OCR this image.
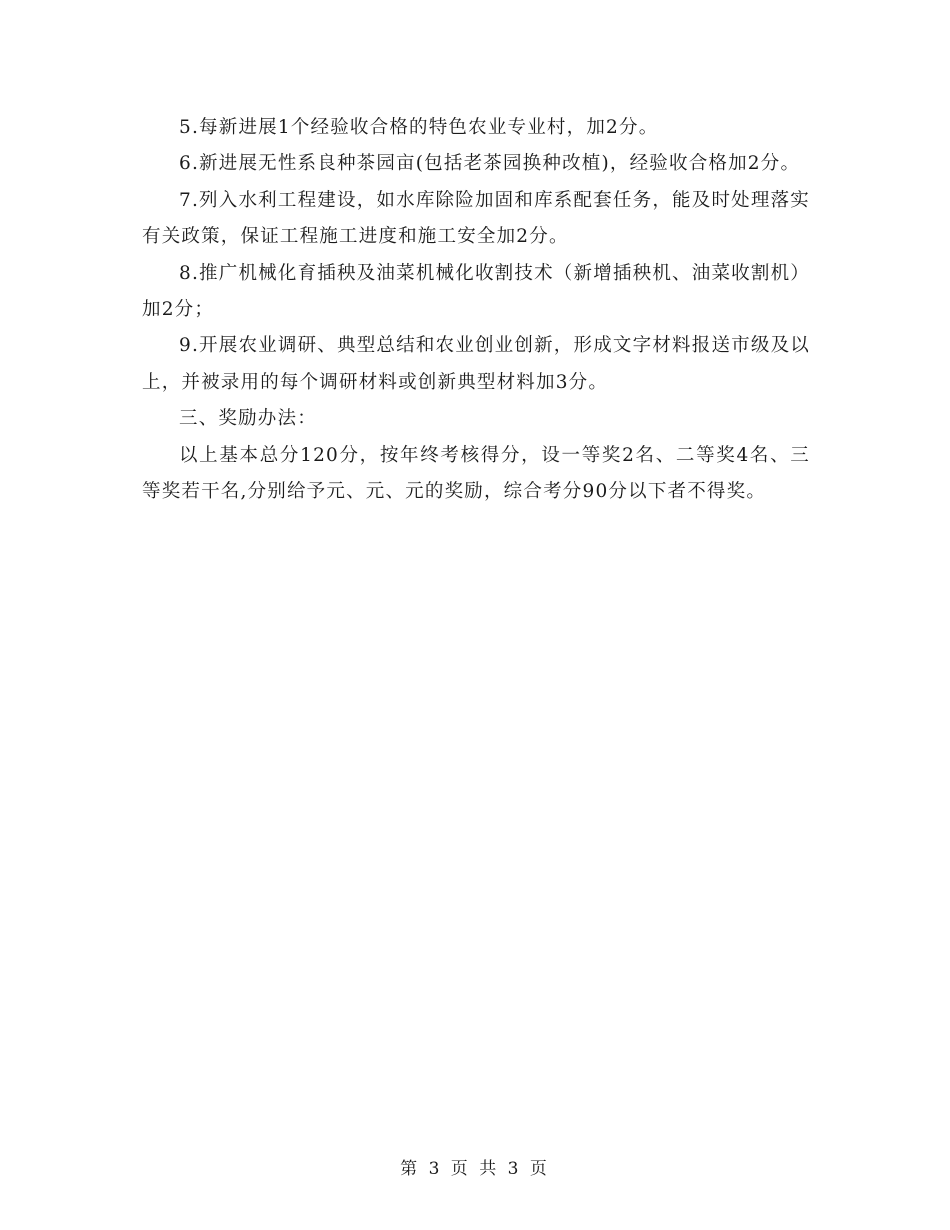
5.每新进展1个经验收合格的特色农业专业村，加2分。

6.新进展无性系良种茶园亩(包括老茶园换种改植)，经验收合格加2分。

7.列入水利工程建设，如水库除险加固和库系配套任务，能及时处理落实有关政策，保证工程施工进度和施工安全加2分。

8.推广机械化育插秧及油菜机械化收割技术（新增插秧机、油菜收割机）加2分；

9.开展农业调研、典型总结和农业创业创新，形成文字材料报送市级及以上，并被录用的每个调研材料或创新典型材料加3分。

三、奖励办法：

以上基本总分120分，按年终考核得分，设一等奖2名、二等奖4名、三等奖若干名,分别给予元、元、元的奖励，综合考分90分以下者不得奖。

第 3 页 共 3 页
